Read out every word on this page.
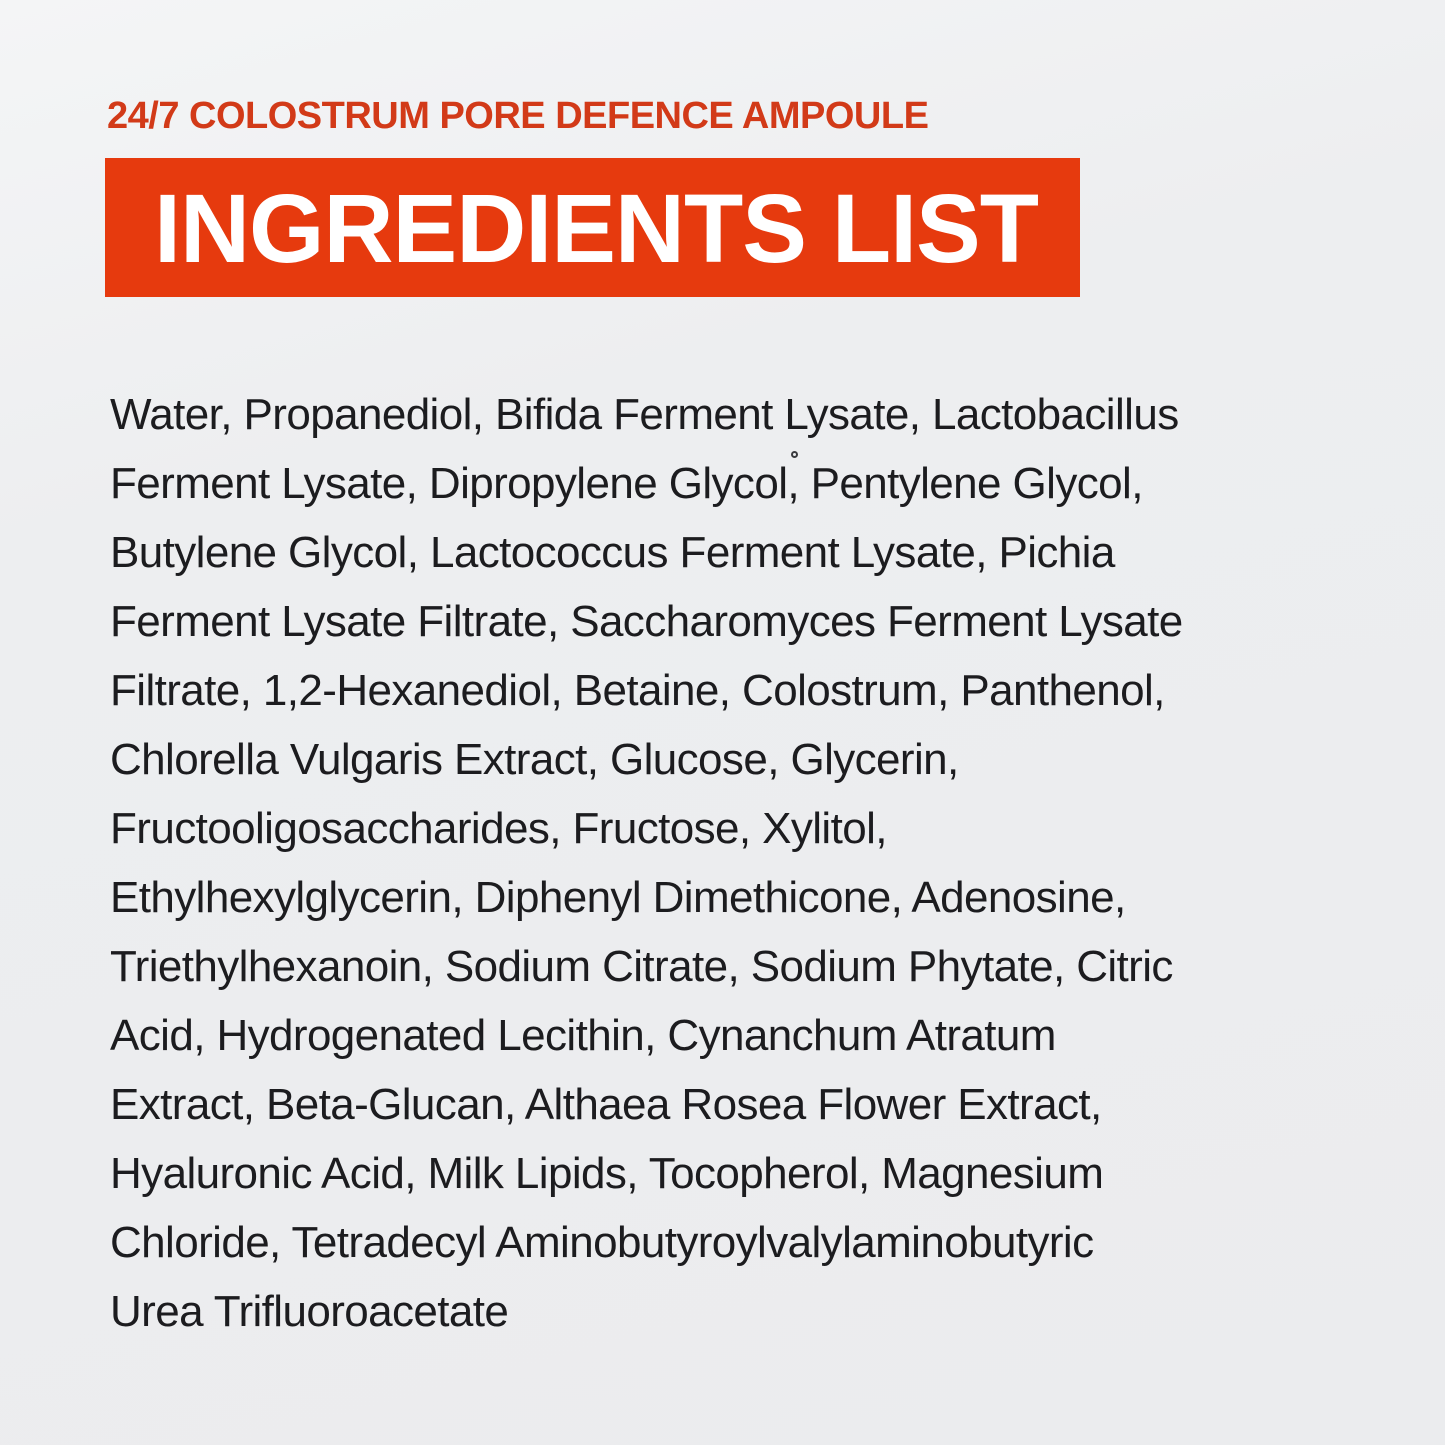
24/7 COLOSTRUM PORE DEFENCE AMPOULE
INGREDIENTS LIST
Water, Propanediol, Bifida Ferment Lysate, Lactobacillus
Ferment Lysate, Dipropylene Glycol, Pentylene Glycol,
Butylene Glycol, Lactococcus Ferment Lysate, Pichia
Ferment Lysate Filtrate, Saccharomyces Ferment Lysate
Filtrate, 1,2-Hexanediol, Betaine, Colostrum, Panthenol,
Chlorella Vulgaris Extract, Glucose, Glycerin,
Fructooligosaccharides, Fructose, Xylitol,
Ethylhexylglycerin, Diphenyl Dimethicone, Adenosine,
Triethylhexanoin, Sodium Citrate, Sodium Phytate, Citric
Acid, Hydrogenated Lecithin, Cynanchum Atratum
Extract, Beta-Glucan, Althaea Rosea Flower Extract,
Hyaluronic Acid, Milk Lipids, Tocopherol, Magnesium
Chloride, Tetradecyl Aminobutyroylvalylaminobutyric
Urea Trifluoroacetate
